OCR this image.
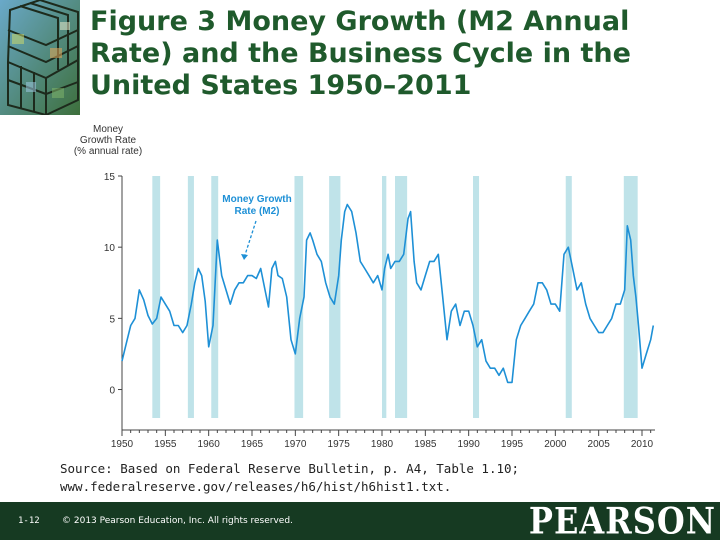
Figure 3 Money Growth (M2 Annual Rate) and the Business Cycle in the United States 1950–2011
0
5
10
15
1950 1955 1960 1965 1970 1975 1980 1985 1990 1995 2000 2005 2010
Money Growth Rate (% annual rate)
Money Growth Rate (M2)
Source: Based on Federal Reserve Bulletin, p. A4, Table 1.10; www.federalreserve.gov/releases/h6/hist/h6hist1.txt.
1-12 © 2013 Pearson Education, Inc. All rights reserved.	PEARSON
